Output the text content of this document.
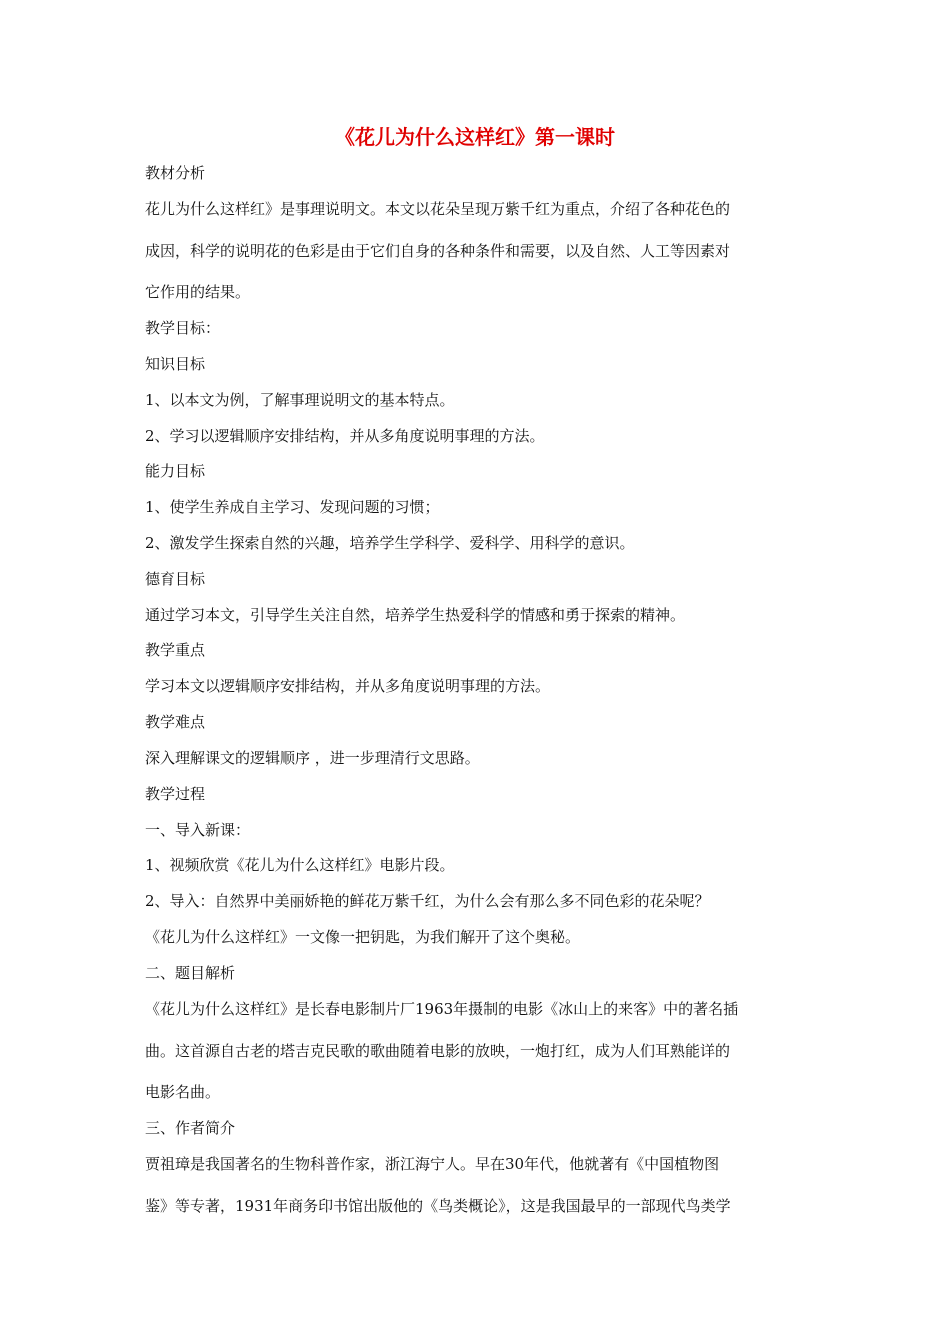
《花儿为什么这样红》第一课时
教材分析
花儿为什么这样红》是事理说明文。本文以花朵呈现万紫千红为重点，介绍了各种花色的
成因，科学的说明花的色彩是由于它们自身的各种条件和需要，以及自然、人工等因素对
它作用的结果。
教学目标：
知识目标
1、以本文为例，了解事理说明文的基本特点。
2、学习以逻辑顺序安排结构，并从多角度说明事理的方法。
能力目标
1、使学生养成自主学习、发现问题的习惯；
2、激发学生探索自然的兴趣，培养学生学科学、爱科学、用科学的意识。
德育目标
通过学习本文，引导学生关注自然，培养学生热爱科学的情感和勇于探索的精神。
教学重点
学习本文以逻辑顺序安排结构，并从多角度说明事理的方法。
教学难点
深入理解课文的逻辑顺序 ，进一步理清行文思路。
教学过程
一、导入新课：
1、视频欣赏《花儿为什么这样红》电影片段。
2、导入：自然界中美丽娇艳的鲜花万紫千红，为什么会有那么多不同色彩的花朵呢？
《花儿为什么这样红》一文像一把钥匙，为我们解开了这个奥秘。
二、题目解析
《花儿为什么这样红》是长春电影制片厂1963年摄制的电影《冰山上的来客》中的著名插
曲。这首源自古老的塔吉克民歌的歌曲随着电影的放映，一炮打红，成为人们耳熟能详的
电影名曲。
三、作者简介
贾祖璋是我国著名的生物科普作家，浙江海宁人。早在30年代，他就著有《中国植物图
鉴》等专著，1931年商务印书馆出版他的《鸟类概论》，这是我国最早的一部现代鸟类学
